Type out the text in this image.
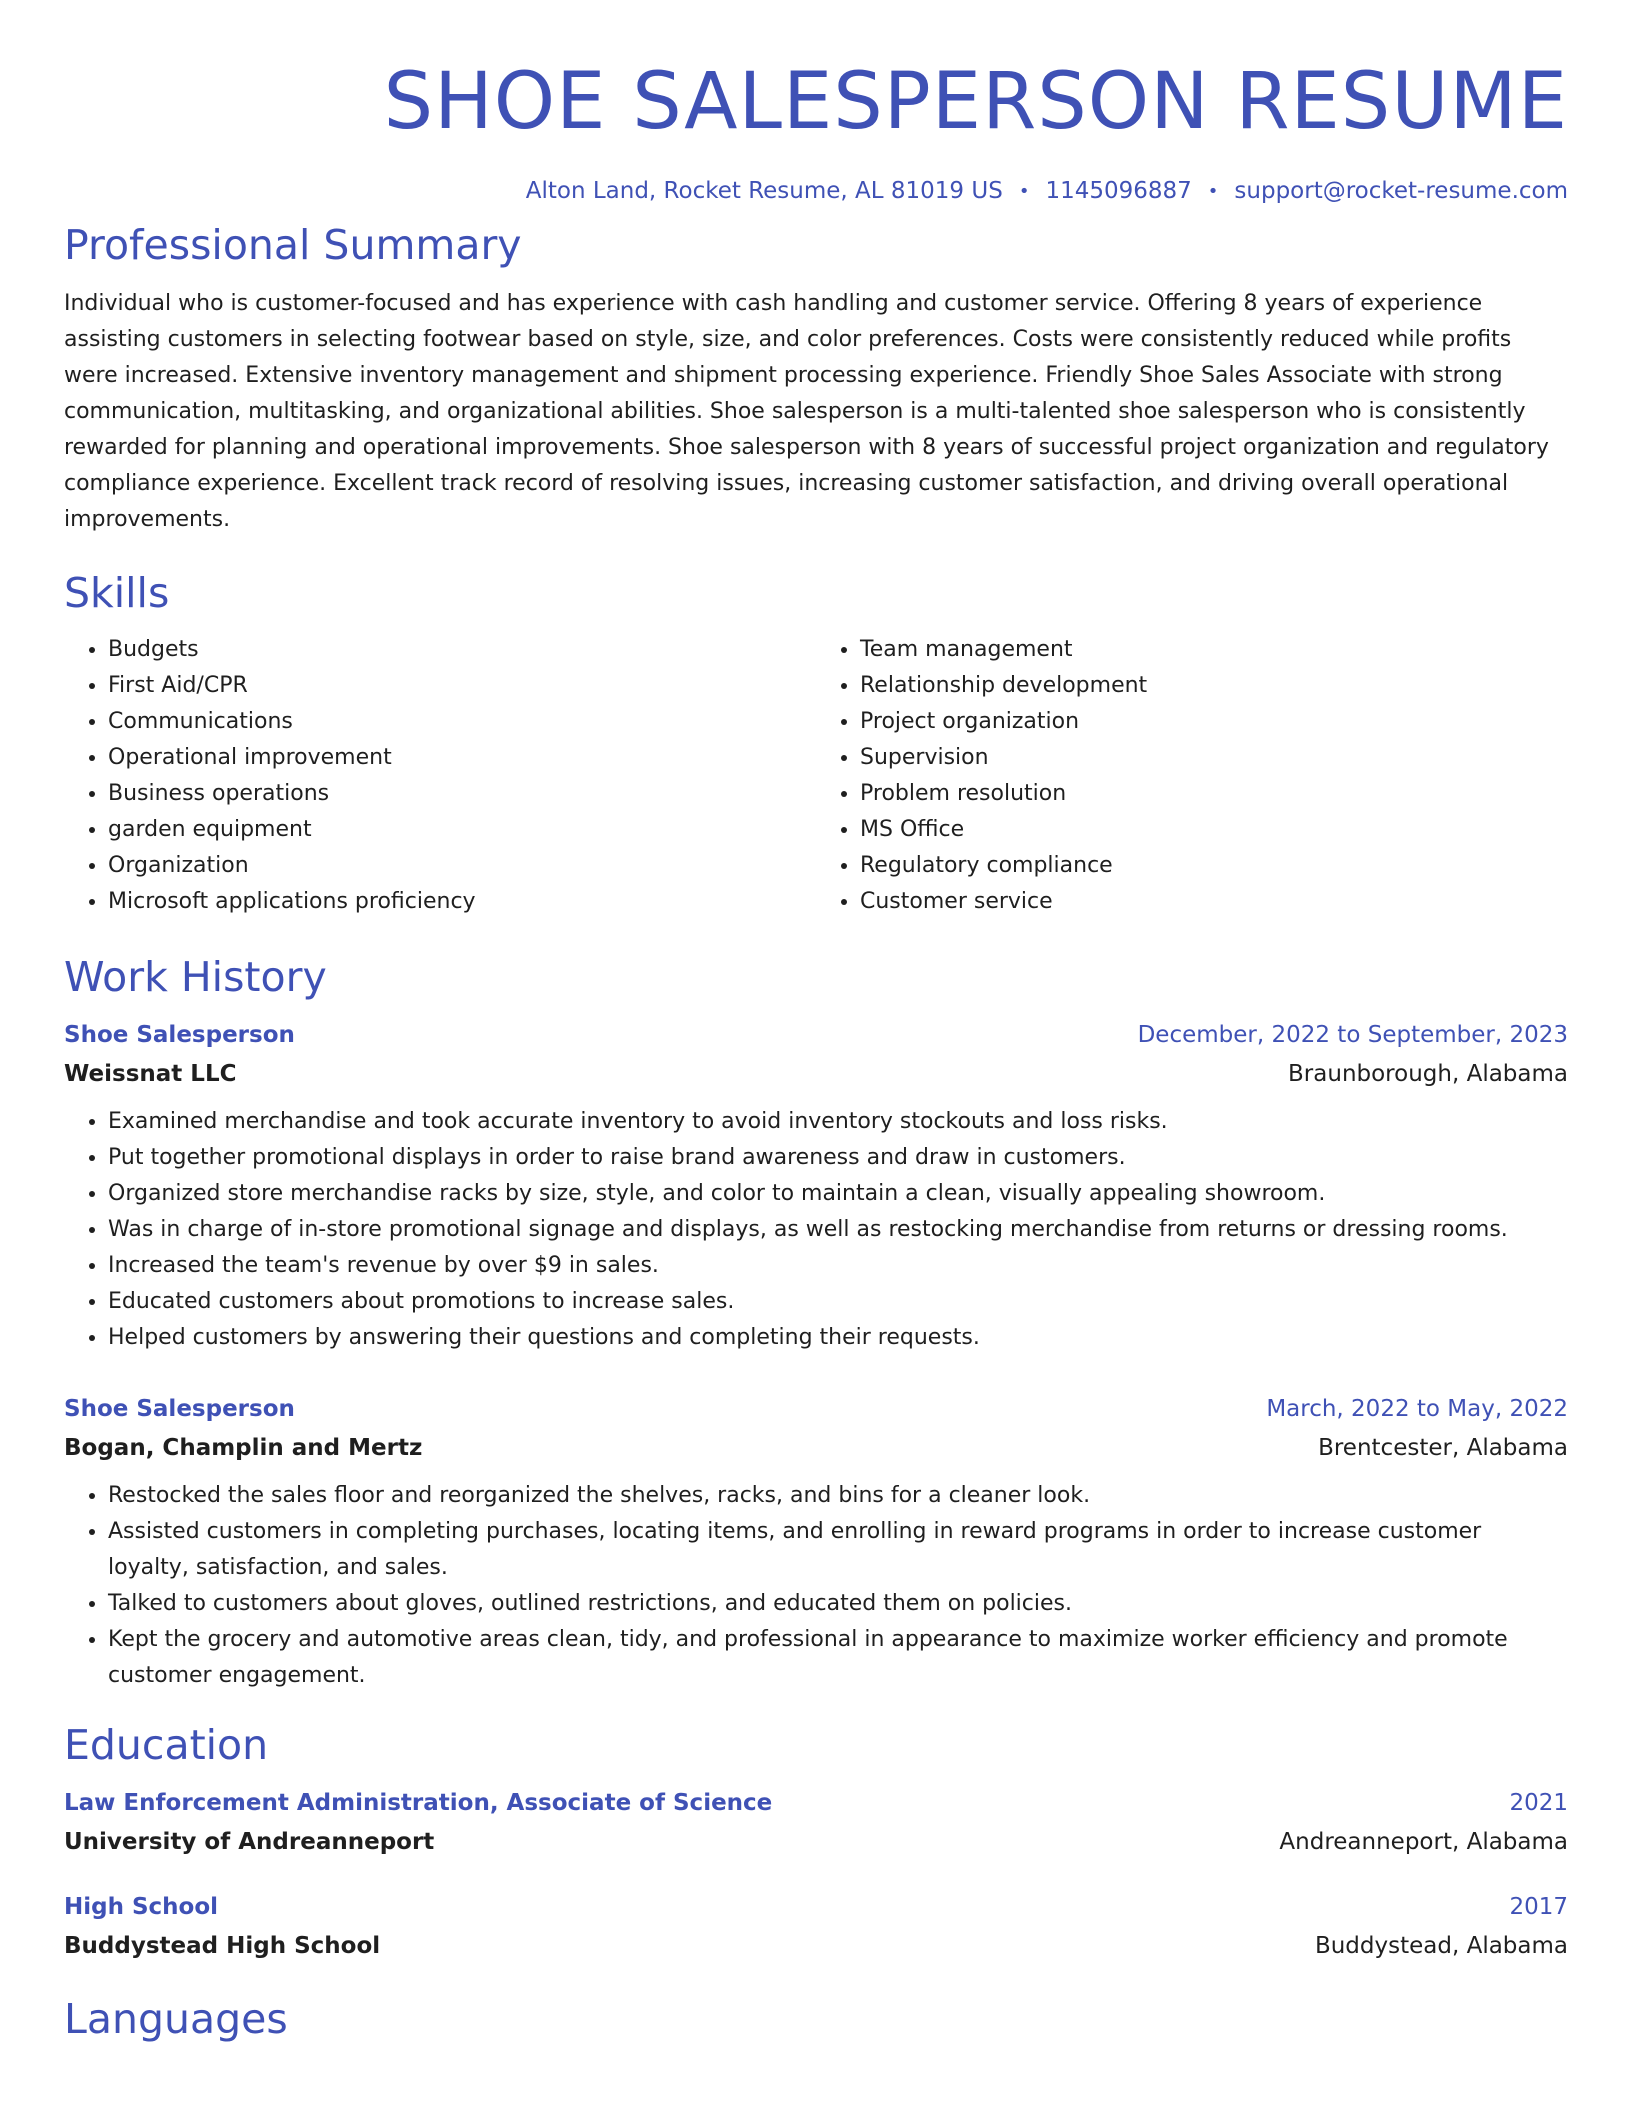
SHOE SALESPERSON RESUME
Alton Land, Rocket Resume, AL 81019 US • 1145096887 • support@rocket-resume.com
Professional Summary

Individual who is customer-focused and has experience with cash handling and customer service. Offering 8 years of experience assisting customers in selecting footwear based on style, size, and color preferences. Costs were consistently reduced while profits were increased. Extensive inventory management and shipment processing experience. Friendly Shoe Sales Associate with strong communication, multitasking, and organizational abilities. Shoe salesperson is a multi-talented shoe salesperson who is consistently rewarded for planning and operational improvements. Shoe salesperson with 8 years of successful project organization and regulatory compliance experience. Excellent track record of resolving issues, increasing customer satisfaction, and driving overall operational improvements.

Skills
• Budgets
• First Aid/CPR
• Communications
• Operational improvement
• Business operations
• garden equipment
• Organization
• Microsoft applications proficiency
• Team management
• Relationship development
• Project organization
• Supervision
• Problem resolution
• MS Office
• Regulatory compliance
• Customer service
Work History
Shoe Salesperson	December, 2022 to September, 2023
Weissnat LLC	Braunborough, Alabama
• Examined merchandise and took accurate inventory to avoid inventory stockouts and loss risks.
• Put together promotional displays in order to raise brand awareness and draw in customers.
• Organized store merchandise racks by size, style, and color to maintain a clean, visually appealing showroom.
• Was in charge of in-store promotional signage and displays, as well as restocking merchandise from returns or dressing rooms.
• Increased the team's revenue by over $9 in sales.
• Educated customers about promotions to increase sales.
• Helped customers by answering their questions and completing their requests.
Shoe Salesperson	March, 2022 to May, 2022
Bogan, Champlin and Mertz	Brentcester, Alabama
• Restocked the sales floor and reorganized the shelves, racks, and bins for a cleaner look.
• Assisted customers in completing purchases, locating items, and enrolling in reward programs in order to increase customer loyalty, satisfaction, and sales.
• Talked to customers about gloves, outlined restrictions, and educated them on policies.
• Kept the grocery and automotive areas clean, tidy, and professional in appearance to maximize worker efficiency and promote customer engagement.
Education
Law Enforcement Administration, Associate of Science	2021
University of Andreanneport	Andreanneport, Alabama
High School	2017
Buddystead High School	Buddystead, Alabama
Languages
